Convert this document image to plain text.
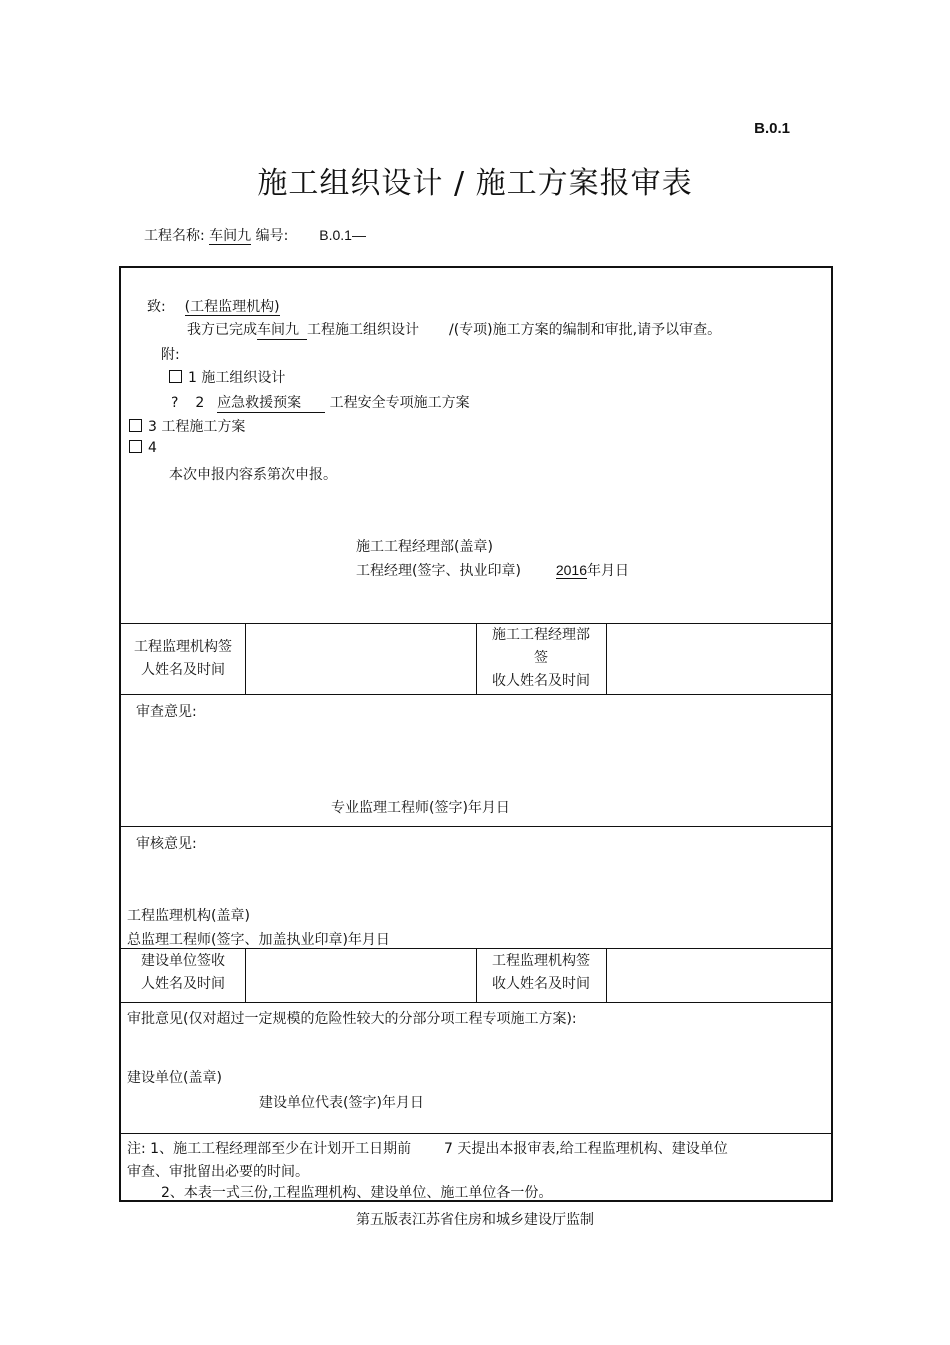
B.0.1
施工组织设计 / 施工方案报审表
工程名称: 车间九 编号: B.0.1—
致: (工程监理机构)
我方已完成车间九 工程施工组织设计 /(专项)施工方案的编制和审批,请予以审查。
附:
1 施工组织设计
? 2 应急救援预案 工程安全专项施工方案
3 工程施工方案
4
本次申报内容系第次申报。
施工工程经理部(盖章)
工程经理(签字、执业印章) 2016年月日
工程监理机构签
人姓名及时间
施工工程经理部
签
收人姓名及时间
审查意见:
专业监理工程师(签字)年月日
审核意见:
工程监理机构(盖章)
总监理工程师(签字、加盖执业印章)年月日
建设单位签收
人姓名及时间
工程监理机构签
收人姓名及时间
审批意见(仅对超过一定规模的危险性较大的分部分项工程专项施工方案):
建设单位(盖章)
建设单位代表(签字)年月日
注: 1、施工工程经理部至少在计划开工日期前 7 天提出本报审表,给工程监理机构、建设单位
审查、审批留出必要的时间。
2、本表一式三份,工程监理机构、建设单位、施工单位各一份。
第五版表江苏省住房和城乡建设厅监制
